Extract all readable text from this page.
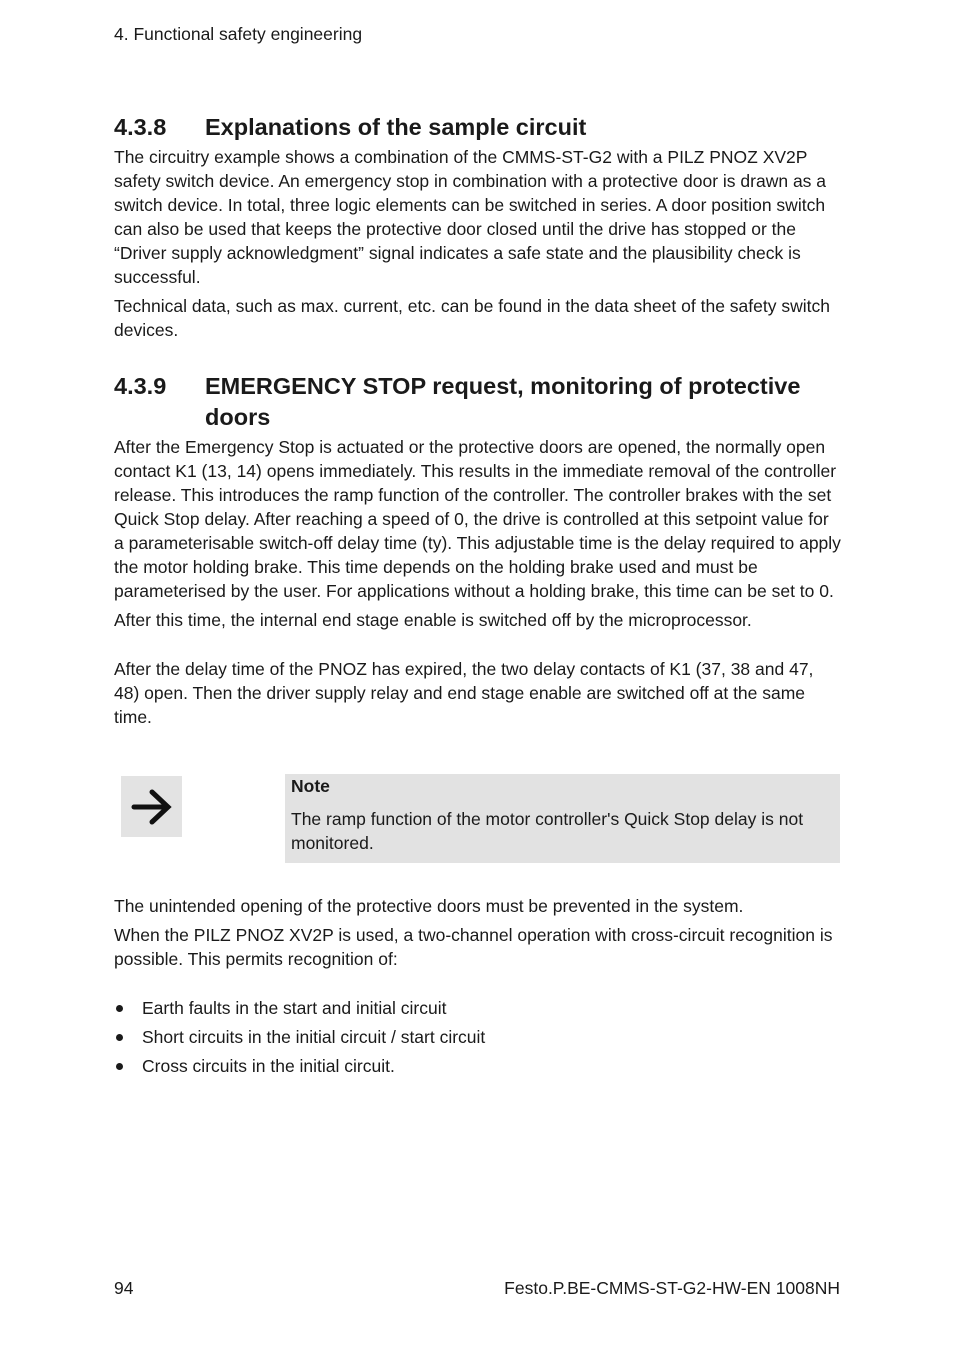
4. Functional safety engineering
4.3.8	Explanations of the sample circuit

The circuitry example shows a combination of the CMMS-ST-G2 with a PILZ PNOZ XV2P safety switch device. An emergency stop in combination with a protective door is drawn as a switch device. In total, three logic elements can be switched in series. A door position switch can also be used that keeps the protective door closed until the drive has stopped or the “Driver supply acknowledgment” signal indicates a safe state and the plausibility check is successful.

Technical data, such as max. current, etc. can be found in the data sheet of the safety switch devices.

4.3.9	EMERGENCY STOP request, monitoring of protective doors

After the Emergency Stop is actuated or the protective doors are opened, the normally open contact K1 (13, 14) opens immediately. This results in the immediate removal of the controller release. This introduces the ramp function of the controller. The controller brakes with the set Quick Stop delay. After reaching a speed of 0, the drive is controlled at this setpoint value for a parameterisable switch-off delay time (ty). This adjustable time is the delay required to apply the motor holding brake. This time depends on the holding brake used and must be parameterised by the user. For applications without a holding brake, this time can be set to 0.

After this time, the internal end stage enable is switched off by the microprocessor.

After the delay time of the PNOZ has expired, the two delay contacts of K1 (37, 38 and 47, 48) open. Then the driver supply relay and end stage enable are switched off at the same time.

Note

The ramp function of the motor controller's Quick Stop delay is not monitored.

The unintended opening of the protective doors must be prevented in the system.

When the PILZ PNOZ XV2P is used, a two-channel operation with cross-circuit recognition is possible. This permits recognition of:

Earth faults in the start and initial circuit
Short circuits in the initial circuit / start circuit
Cross circuits in the initial circuit.
94	Festo.P.BE-CMMS-ST-G2-HW-EN 1008NH
